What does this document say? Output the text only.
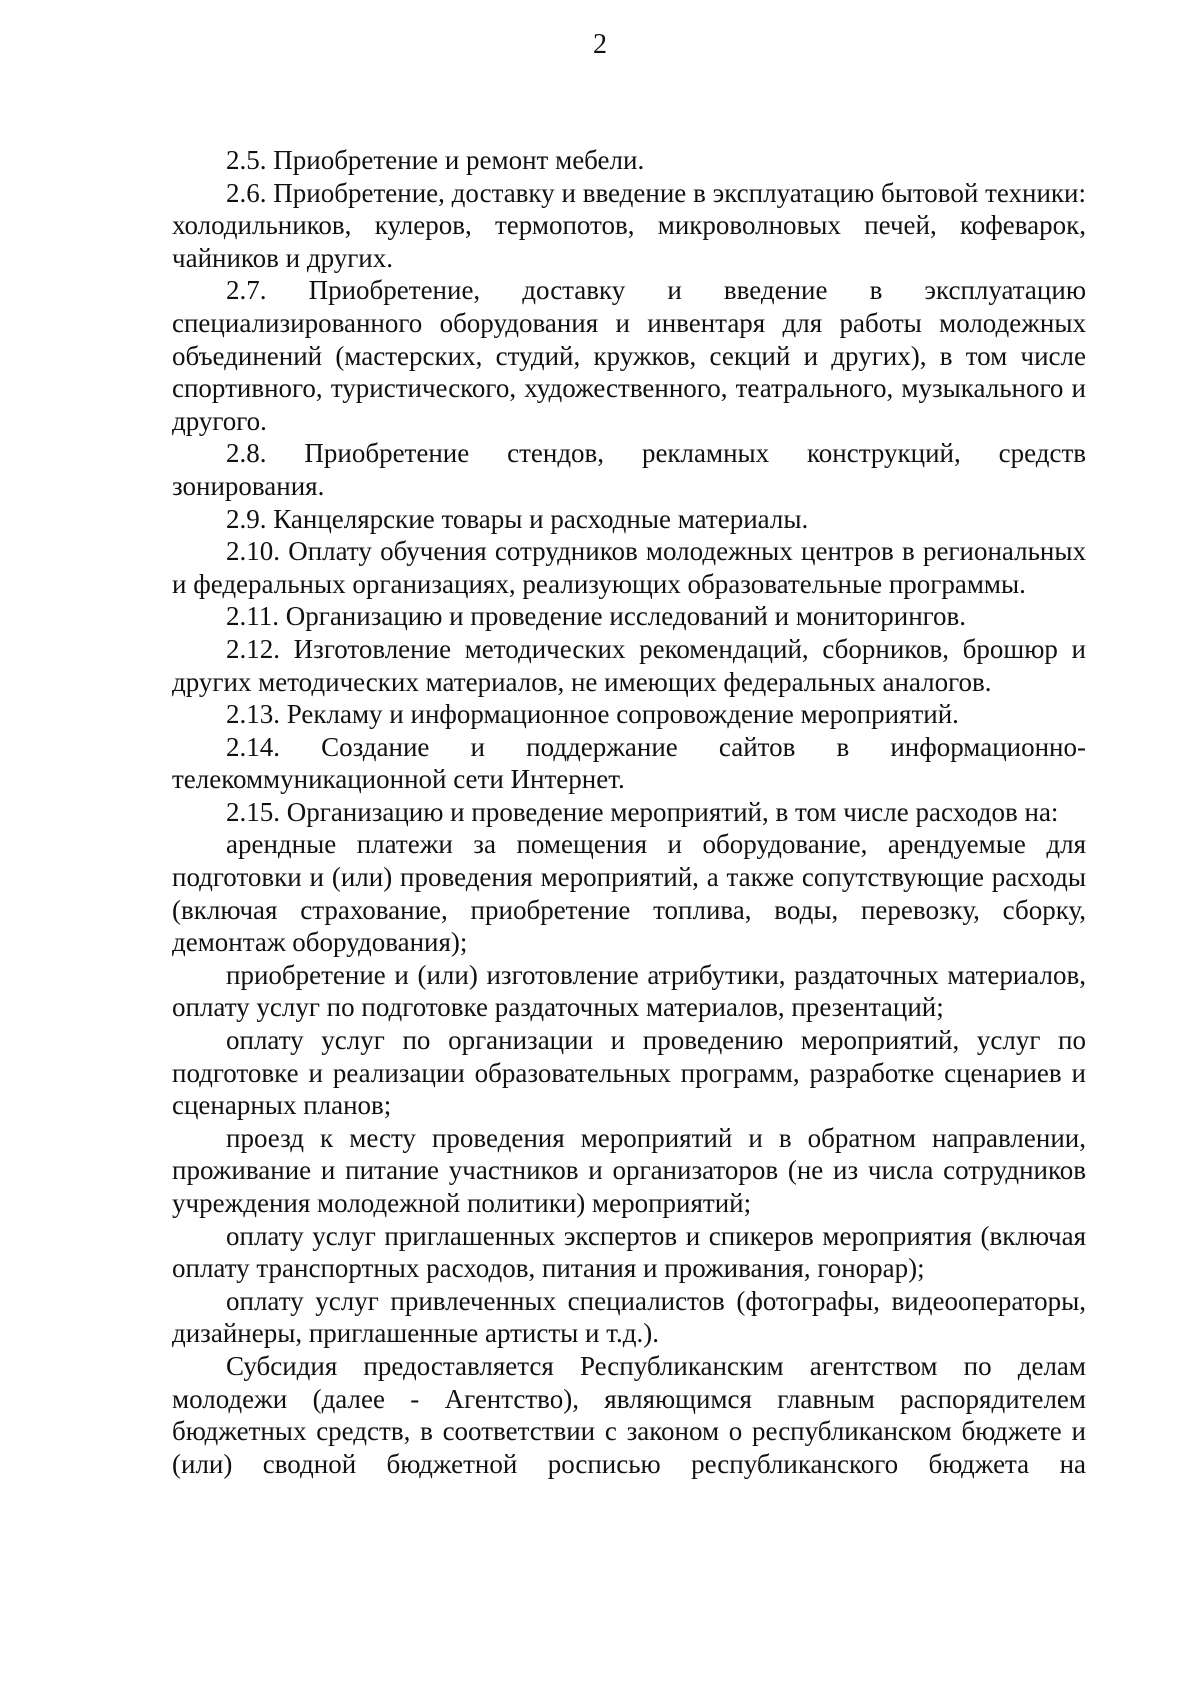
2

2.5. Приобретение и ремонт мебели.

2.6. Приобретение, доставку и введение в эксплуатацию бытовой техники: холодильников, кулеров, термопотов, микроволновых печей, кофеварок, чайников и других.

2.7. Приобретение, доставку и введение в эксплуатацию специализированного оборудования и инвентаря для работы молодежных объединений (мастерских, студий, кружков, секций и других), в том числе спортивного, туристического, художественного, театрального, музыкального и другого.

2.8. Приобретение стендов, рекламных конструкций, средств зонирования.

2.9. Канцелярские товары и расходные материалы.

2.10. Оплату обучения сотрудников молодежных центров в региональных и федеральных организациях, реализующих образовательные программы.

2.11. Организацию и проведение исследований и мониторингов.

2.12. Изготовление методических рекомендаций, сборников, брошюр и других методических материалов, не имеющих федеральных аналогов.

2.13. Рекламу и информационное сопровождение мероприятий.

2.14. Создание и поддержание сайтов в информационно-телекоммуникационной сети Интернет.

2.15. Организацию и проведение мероприятий, в том числе расходов на:

арендные платежи за помещения и оборудование, арендуемые для подготовки и (или) проведения мероприятий, а также сопутствующие расходы (включая страхование, приобретение топлива, воды, перевозку, сборку, демонтаж оборудования);

приобретение и (или) изготовление атрибутики, раздаточных материалов, оплату услуг по подготовке раздаточных материалов, презентаций;

оплату услуг по организации и проведению мероприятий, услуг по подготовке и реализации образовательных программ, разработке сценариев и сценарных планов;

проезд к месту проведения мероприятий и в обратном направлении, проживание и питание участников и организаторов (не из числа сотрудников учреждения молодежной политики) мероприятий;

оплату услуг приглашенных экспертов и спикеров мероприятия (включая оплату транспортных расходов, питания и проживания, гонорар);

оплату услуг привлеченных специалистов (фотографы, видеооператоры, дизайнеры, приглашенные артисты и т.д.).

Субсидия предоставляется Республиканским агентством по делам молодежи (далее - Агентство), являющимся главным распорядителем бюджетных средств, в соответствии с законом о республиканском бюджете и (или) сводной бюджетной росписью республиканского бюджета на
